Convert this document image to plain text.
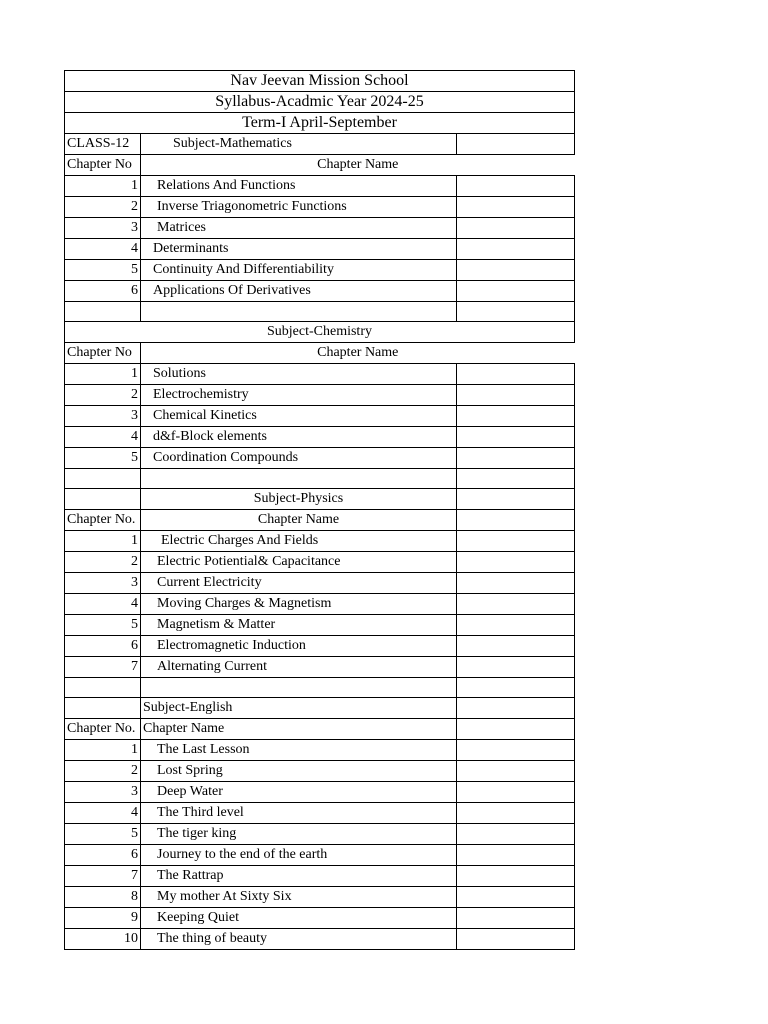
Nav Jeevan Mission School		
Syllabus-Acadmic Year 2024-25		
Term-I April-September		
CLASS-12	Subject-Mathematics	
Chapter No	Chapter Name	
1	Relations And Functions	
2	Inverse Triagonometric Functions	
3	Matrices	
4	Determinants	
5	Continuity And Differentiability	
6	Applications Of Derivatives	

Subject-Chemistry		
Chapter No	Chapter Name	
1	Solutions	
2	Electrochemistry	
3	Chemical Kinetics	
4	d&f-Block elements	
5	Coordination Compounds	

	Subject-Physics	
Chapter No.	Chapter Name	
1	Electric Charges And Fields	
2	Electric Potiential& Capacitance	
3	Current Electricity	
4	Moving Charges & Magnetism	
5	Magnetism & Matter	
6	Electromagnetic Induction	
7	Alternating Current	

	Subject-English	
Chapter No.	Chapter Name	
1	The Last Lesson	
2	Lost Spring	
3	Deep Water	
4	The Third level	
5	The tiger king	
6	Journey to the end of the earth	
7	The Rattrap	
8	My mother At Sixty Six	
9	Keeping Quiet	
10	The thing of beauty	
